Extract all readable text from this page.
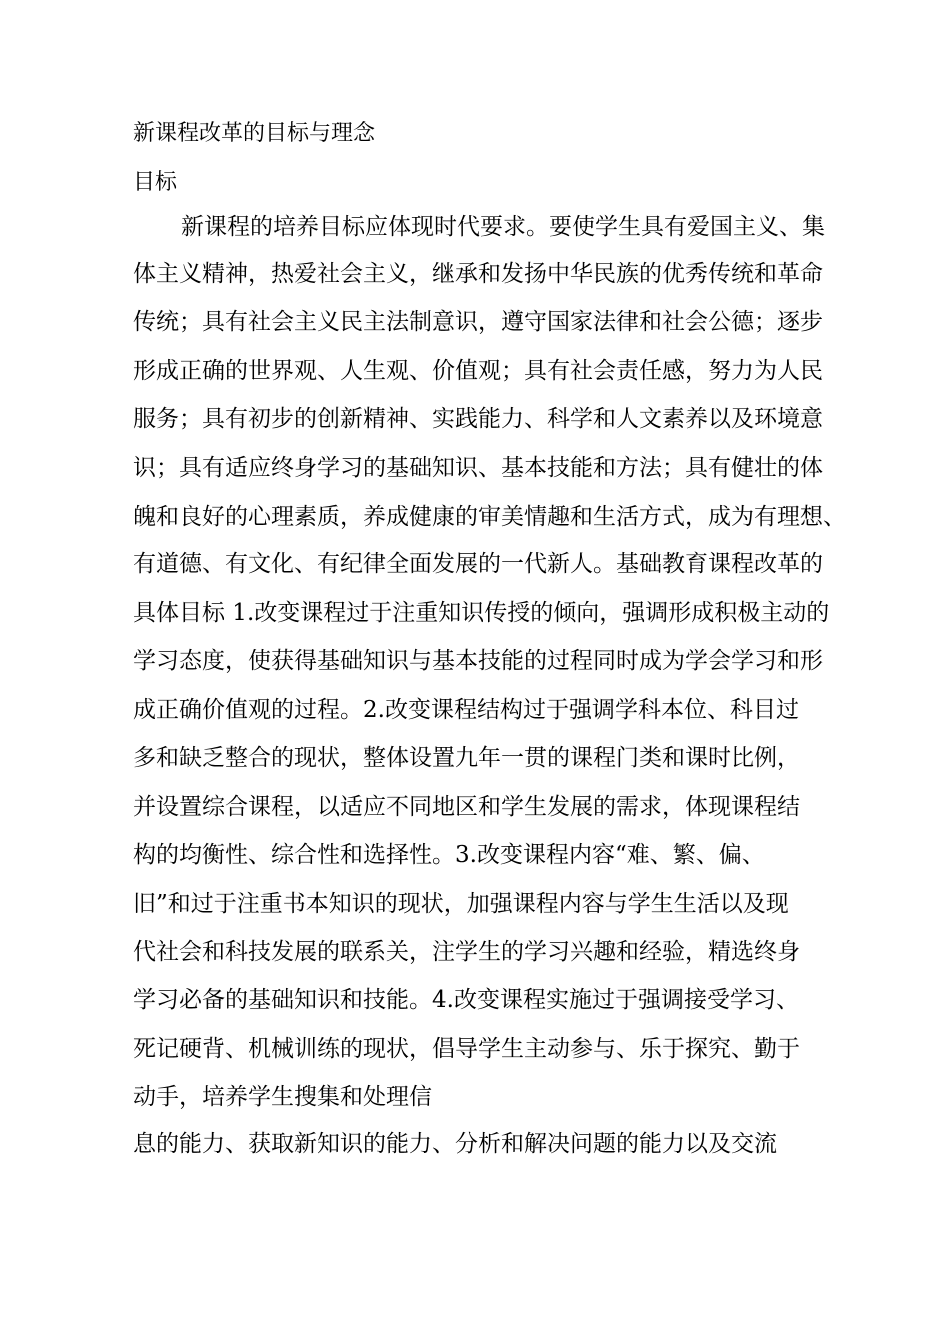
新课程改革的目标与理念
目标
新课程的培养目标应体现时代要求。要使学生具有爱国主义、集
体主义精神，热爱社会主义，继承和发扬中华民族的优秀传统和革命
传统；具有社会主义民主法制意识，遵守国家法律和社会公德；逐步
形成正确的世界观、人生观、价值观；具有社会责任感，努力为人民
服务；具有初步的创新精神、实践能力、科学和人文素养以及环境意
识；具有适应终身学习的基础知识、基本技能和方法；具有健壮的体
魄和良好的心理素质，养成健康的审美情趣和生活方式，成为有理想、
有道德、有文化、有纪律全面发展的一代新人。基础教育课程改革的
具体目标 1.改变课程过于注重知识传授的倾向，强调形成积极主动的
学习态度，使获得基础知识与基本技能的过程同时成为学会学习和形
成正确价值观的过程。2.改变课程结构过于强调学科本位、科目过
多和缺乏整合的现状，整体设置九年一贯的课程门类和课时比例，
并设置综合课程，以适应不同地区和学生发展的需求，体现课程结
构的均衡性、综合性和选择性。3.改变课程内容“难、繁、偏、
旧”和过于注重书本知识的现状，加强课程内容与学生生活以及现
代社会和科技发展的联系关，注学生的学习兴趣和经验，精选终身
学习必备的基础知识和技能。4.改变课程实施过于强调接受学习、
死记硬背、机械训练的现状，倡导学生主动参与、乐于探究、勤于
动手，培养学生搜集和处理信
息的能力、获取新知识的能力、分析和解决问题的能力以及交流
